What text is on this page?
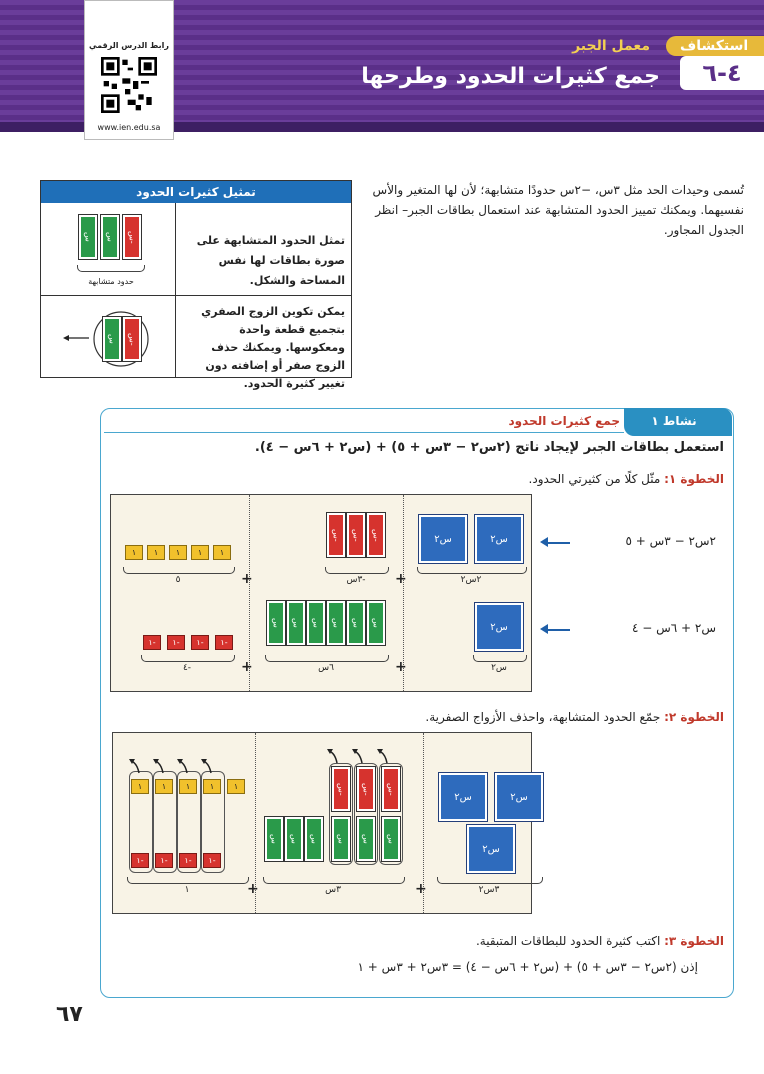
رابط الدرس الرقمي
www.ien.edu.sa
استكشاف
٤-٦
معمل الجبر
جمع كثيرات الحدود وطرحها
تُسمى وحيدات الحد مثل ٣س، −٢س حدودًا متشابهة؛ لأن لها المتغير والأس نفسيهما. ويمكنك تمييز الحدود المتشابهة عند استعمال بطاقات الجبر– انظر الجدول المجاور.
تمثيل كثيرات الحدود
تمثل الحدود المتشابهة على صورة بطاقات لها نفس المساحة والشكل.
يمكن تكوين الزوج الصفري بتجميع قطعة واحدة ومعكوسها. ويمكنك حذف الزوج صفر أو إضافته دون تغيير كثيرة الحدود.
س	س	-س
حدود متشابهة
س	-س
نشاط ١
جمع كثيرات الحدود
استعمل بطاقات الجبر لإيجاد ناتج (٢س٢ − ٣س + ٥) + (س٢ + ٦س − ٤).
الخطوة ١: مثّل كلًا من كثيرتي الحدود.
س٢	س٢
٢س٢
-س	-س	-س
-٣س	+
١	١	١	١	١
٥	+
س٢
س٢
س	س	س	س	س	س
٦س	+
-١	-١	-١	-١
-٤	+
٢س٢ − ٣س + ٥
س٢ + ٦س − ٤
الخطوة ٢: جمّع الحدود المتشابهة، واحذف الأزواج الصفرية.
س٢	س٢
س٢
٣س٢
-س	-س	-س
س	س	س
س	س	س
٣س	+
١	١	١	١	١
-١	-١	-١	-١
١	+
الخطوة ٣: اكتب كثيرة الحدود للبطاقات المتبقية.
إذن (٢س٢ − ٣س + ٥) + (س٢ + ٦س − ٤) = ٣س٢ + ٣س + ١
٦٧
